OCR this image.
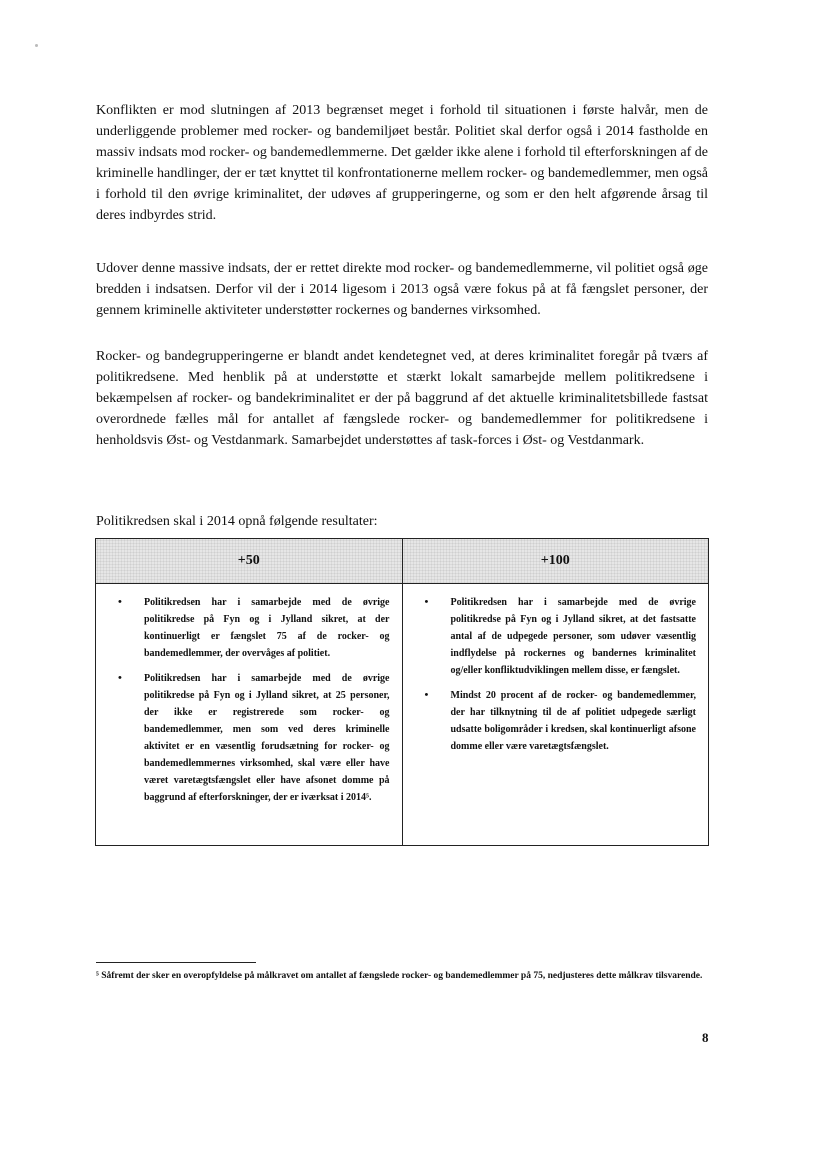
Konflikten er mod slutningen af 2013 begrænset meget i forhold til situationen i første halvår, men de underliggende problemer med rocker- og bandemiljøet består. Politiet skal derfor også i 2014 fastholde en massiv indsats mod rocker- og bandemedlemmerne. Det gælder ikke alene i forhold til efterforskningen af de kriminelle handlinger, der er tæt knyttet til konfrontationerne mellem rocker- og bandemedlemmer, men også i forhold til den øvrige kriminalitet, der udøves af grupperingerne, og som er den helt afgørende årsag til deres indbyrdes strid.

Udover denne massive indsats, der er rettet direkte mod rocker- og bandemedlemmerne, vil politiet også øge bredden i indsatsen. Derfor vil der i 2014 ligesom i 2013 også være fokus på at få fængslet personer, der gennem kriminelle aktiviteter understøtter rockernes og bandernes virksomhed.

Rocker- og bandegrupperingerne er blandt andet kendetegnet ved, at deres kriminalitet foregår på tværs af politikredsene. Med henblik på at understøtte et stærkt lokalt samarbejde mellem politikredsene i bekæmpelsen af rocker- og bandekriminalitet er der på baggrund af det aktuelle kriminalitetsbillede fastsat overordnede fælles mål for antallet af fængslede rocker- og bandemedlemmer for politikredsene i henholdsvis Øst- og Vestdanmark. Samarbejdet understøttes af task-forces i Øst- og Vestdanmark.

Politikredsen skal i 2014 opnå følgende resultater:

+50
• Politikredsen har i samarbejde med de øvrige politikredse på Fyn og i Jylland sikret, at der kontinuerligt er fængslet 75 af de rocker- og bandemedlemmer, der overvåges af politiet.
• Politikredsen har i samarbejde med de øvrige politikredse på Fyn og i Jylland sikret, at 25 personer, der ikke er registrerede som rocker- og bandemedlemmer, men som ved deres kriminelle aktivitet er en væsentlig forudsætning for rocker- og bandemedlemmernes virksomhed, skal være eller have været varetægtsfængslet eller have afsonet domme på baggrund af efterforskninger, der er iværksat i 2014⁵.
+100
• Politikredsen har i samarbejde med de øvrige politikredse på Fyn og i Jylland sikret, at det fastsatte antal af de udpegede personer, som udøver væsentlig indflydelse på rockernes og bandernes kriminalitet og/eller konfliktudviklingen mellem disse, er fængslet.
• Mindst 20 procent af de rocker- og bandemedlemmer, der har tilknytning til de af politiet udpegede særligt udsatte boligområder i kredsen, skal kontinuerligt afsone domme eller være varetægtsfængslet.

⁵ Såfremt der sker en overopfyldelse på målkravet om antallet af fængslede rocker- og bandemedlemmer på 75, nedjusteres dette målkrav tilsvarende.

8
